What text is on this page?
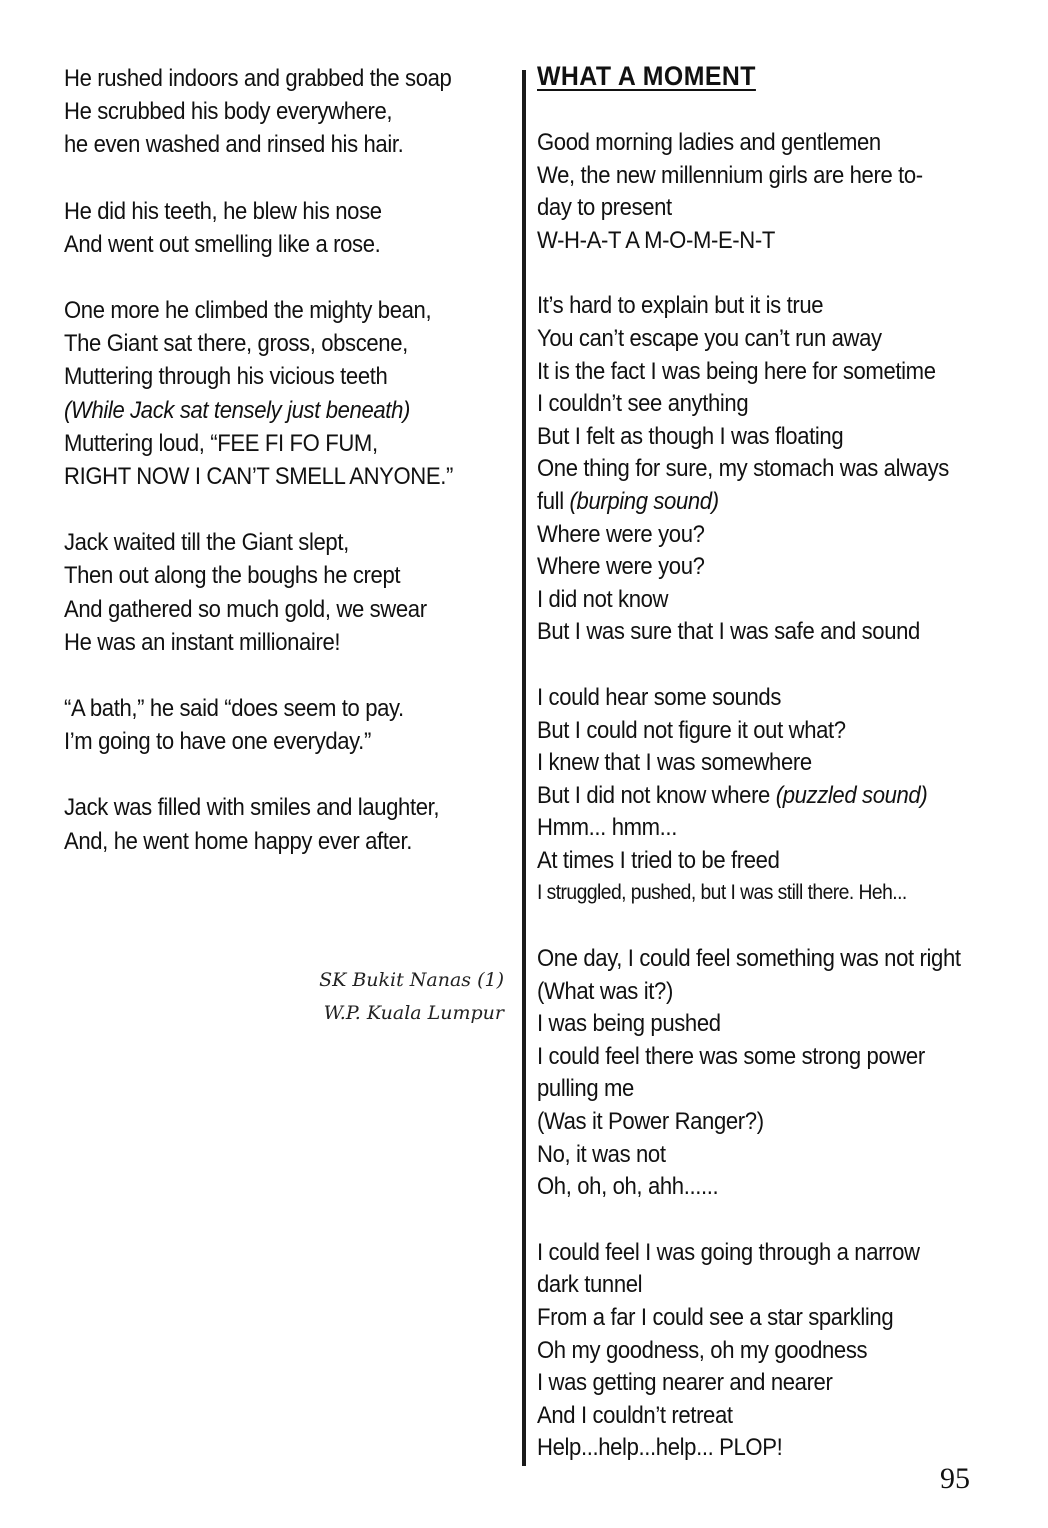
He rushed indoors and grabbed the soap
He scrubbed his body everywhere,
he even washed and rinsed his hair.
He did his teeth, he blew his nose
And went out smelling like a rose.
One more he climbed the mighty bean,
The Giant sat there, gross, obscene,
Muttering through his vicious teeth
(While Jack sat tensely just beneath)
Muttering loud, “FEE FI FO FUM,
RIGHT NOW I CAN’T SMELL ANYONE.”
Jack waited till the Giant slept,
Then out along the boughs he crept
And gathered so much gold, we swear
He was an instant millionaire!
“A bath,” he said “does seem to pay.
I’m going to have one everyday.”
Jack was filled with smiles and laughter,
And, he went home happy ever after.
SK Bukit Nanas (1)
W.P. Kuala Lumpur
WHAT A MOMENT
Good morning ladies and gentlemen
We, the new millennium girls are here to-
day to present
W-H-A-T A M-O-M-E-N-T
It’s hard to explain but it is true
You can’t escape you can’t run away
It is the fact I was being here for sometime
I couldn’t see anything
But I felt as though I was floating
One thing for sure, my stomach was always
full (burping sound)
Where were you?
Where were you?
I did not know
But I was sure that I was safe and sound
I could hear some sounds
But I could not figure it out what?
I knew that I was somewhere
But I did not know where (puzzled sound)
Hmm... hmm...
At times I tried to be freed
I struggled, pushed, but I was still there. Heh...
One day, I could feel something was not right
(What was it?)
I was being pushed
I could feel there was some strong power
pulling me
(Was it Power Ranger?)
No, it was not
Oh, oh, oh, ahh......
I could feel I was going through a narrow
dark tunnel
From a far I could see a star sparkling
Oh my goodness, oh my goodness
I was getting nearer and nearer
And I couldn’t retreat
Help...help...help... PLOP!
95
